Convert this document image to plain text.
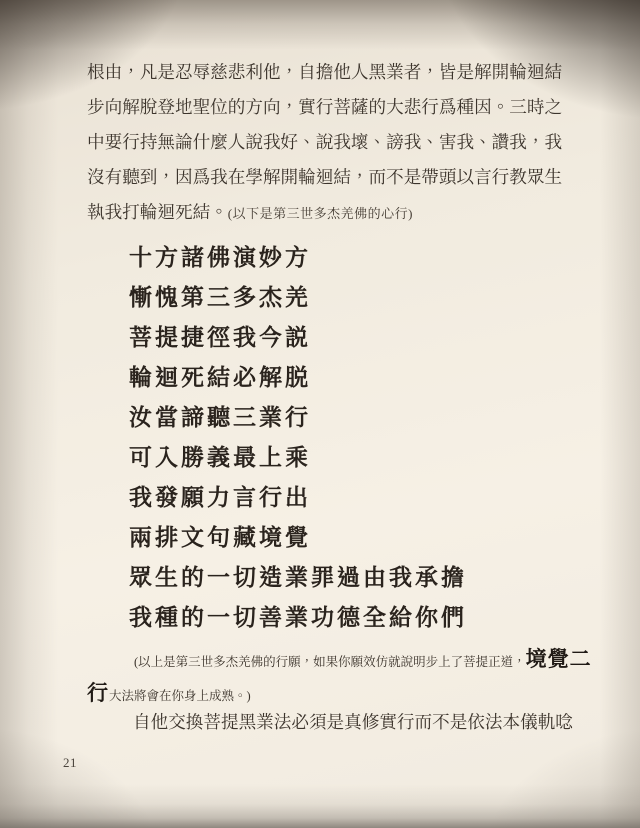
根由，凡是忍辱慈悲利他，自擔他人黑業者，皆是解開輪迴結
步向解脫登地聖位的方向，實行菩薩的大悲行爲種因。三時之
中要行持無論什麼人說我好、說我壞、謗我、害我、讚我，我
沒有聽到，因爲我在學解開輪迴結，而不是帶頭以言行教眾生
執我打輪迴死結。(以下是第三世多杰羌佛的心行)
十方諸佛演妙方
慚愧第三多杰羌
菩提捷徑我今説
輪迴死結必解脱
汝當諦聽三業行
可入勝義最上乘
我發願力言行出
兩排文句藏境覺
眾生的一切造業罪過由我承擔
我種的一切善業功德全給你們
(以上是第三世多杰羌佛的行願，如果你願效仿就說明步上了菩提正道，境覺二
行大法將會在你身上成熟。)
自他交換菩提黑業法必須是真修實行而不是依法本儀軌唸
21
